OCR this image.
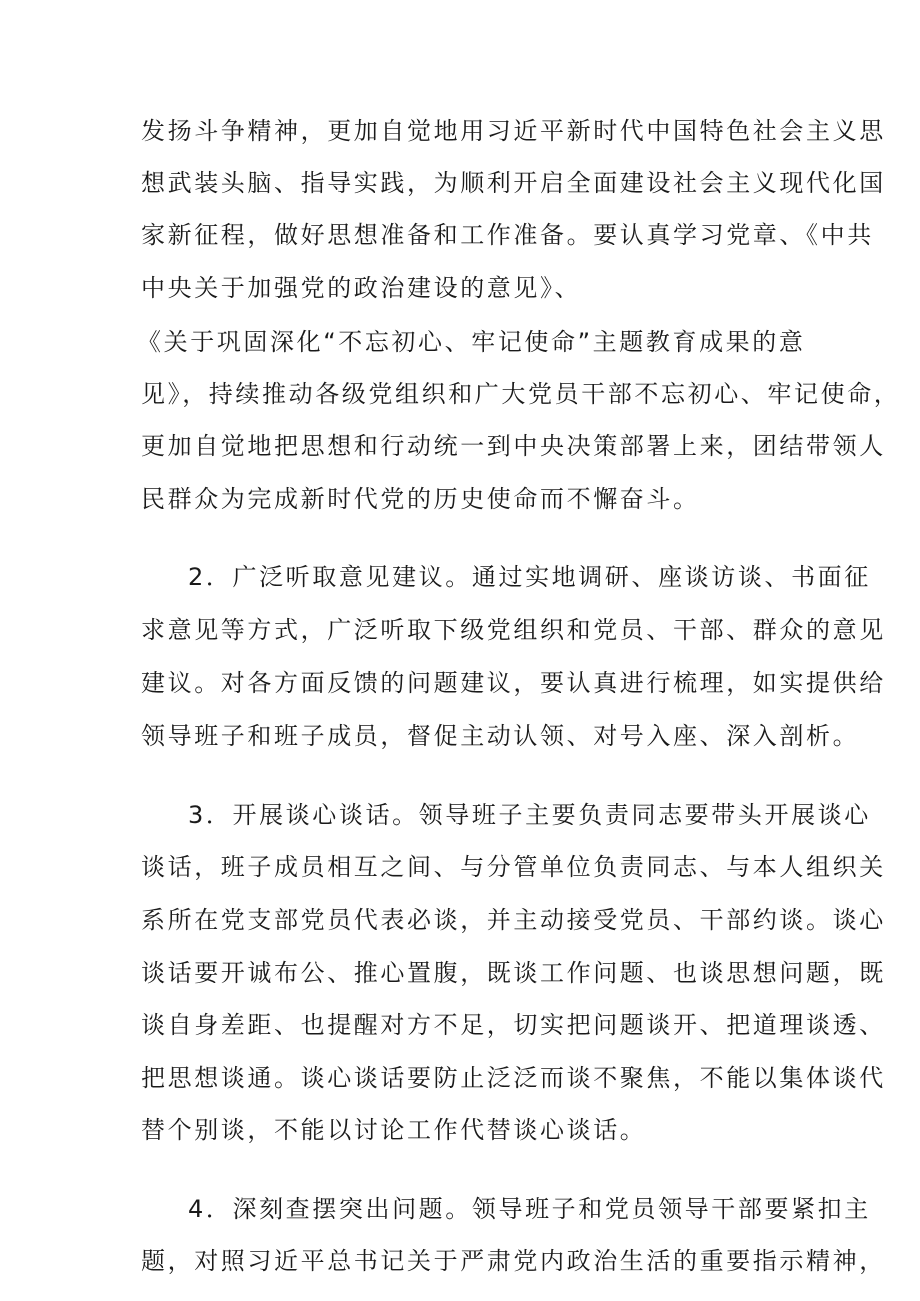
发扬斗争精神，更加自觉地用习近平新时代中国特色社会主义思
想武装头脑、指导实践，为顺利开启全面建设社会主义现代化国
家新征程，做好思想准备和工作准备。要认真学习党章、《中共
中央关于加强党的政治建设的意见》、
《关于巩固深化“不忘初心、牢记使命”主题教育成果的意
见》，持续推动各级党组织和广大党员干部不忘初心、牢记使命，
更加自觉地把思想和行动统一到中央决策部署上来，团结带领人
民群众为完成新时代党的历史使命而不懈奋斗。
2．广泛听取意见建议。通过实地调研、座谈访谈、书面征
求意见等方式，广泛听取下级党组织和党员、干部、群众的意见
建议。对各方面反馈的问题建议，要认真进行梳理，如实提供给
领导班子和班子成员，督促主动认领、对号入座、深入剖析。
3．开展谈心谈话。领导班子主要负责同志要带头开展谈心
谈话，班子成员相互之间、与分管单位负责同志、与本人组织关
系所在党支部党员代表必谈，并主动接受党员、干部约谈。谈心
谈话要开诚布公、推心置腹，既谈工作问题、也谈思想问题，既
谈自身差距、也提醒对方不足，切实把问题谈开、把道理谈透、
把思想谈通。谈心谈话要防止泛泛而谈不聚焦，不能以集体谈代
替个别谈，不能以讨论工作代替谈心谈话。
4．深刻查摆突出问题。领导班子和党员领导干部要紧扣主
题，对照习近平总书记关于严肃党内政治生活的重要指示精神，
